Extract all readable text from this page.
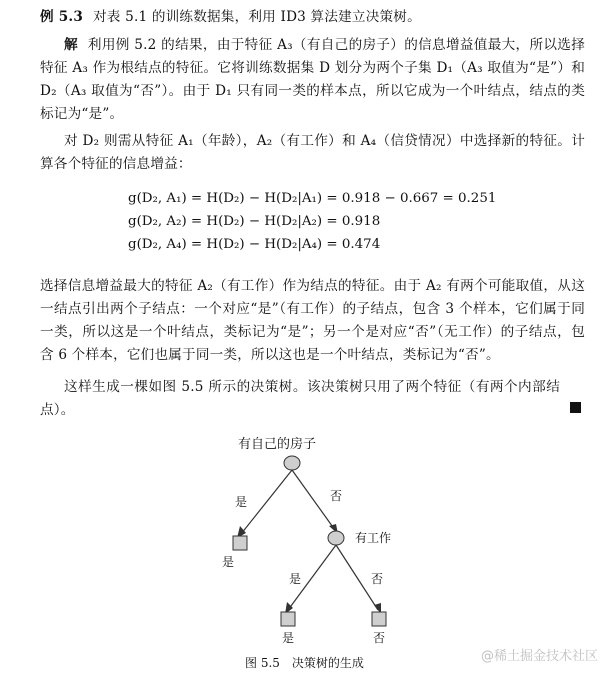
例 5.3 对表 5.1 的训练数据集，利用 ID3 算法建立决策树。
解 利用例 5.2 的结果，由于特征 A₃（有自己的房子）的信息增益值最大，所以选择特征 A₃ 作为根结点的特征。它将训练数据集 D 划分为两个子集 D₁（A₃ 取值为“是”）和 D₂（A₃ 取值为“否”）。由于 D₁ 只有同一类的样本点，所以它成为一个叶结点，结点的类标记为“是”。
对 D₂ 则需从特征 A₁（年龄），A₂（有工作）和 A₄（信贷情况）中选择新的特征。计算各个特征的信息增益：
g(D₂, A₁) = H(D₂) − H(D₂|A₁) = 0.918 − 0.667 = 0.251
g(D₂, A₂) = H(D₂) − H(D₂|A₂) = 0.918
g(D₂, A₄) = H(D₂) − H(D₂|A₄) = 0.474
选择信息增益最大的特征 A₂（有工作）作为结点的特征。由于 A₂ 有两个可能取值，从这一结点引出两个子结点：一个对应“是”（有工作）的子结点，包含 3 个样本，它们属于同一类，所以这是一个叶结点，类标记为“是”；另一个是对应“否”（无工作）的子结点，包含 6 个样本，它们也属于同一类，所以这也是一个叶结点，类标记为“否”。
这样生成一棵如图 5.5 所示的决策树。该决策树只用了两个特征（有两个内部结点）。
有自己的房子
是	否
是
有工作
是	否
是	否
图 5.5　决策树的生成	@稀土掘金技术社区
